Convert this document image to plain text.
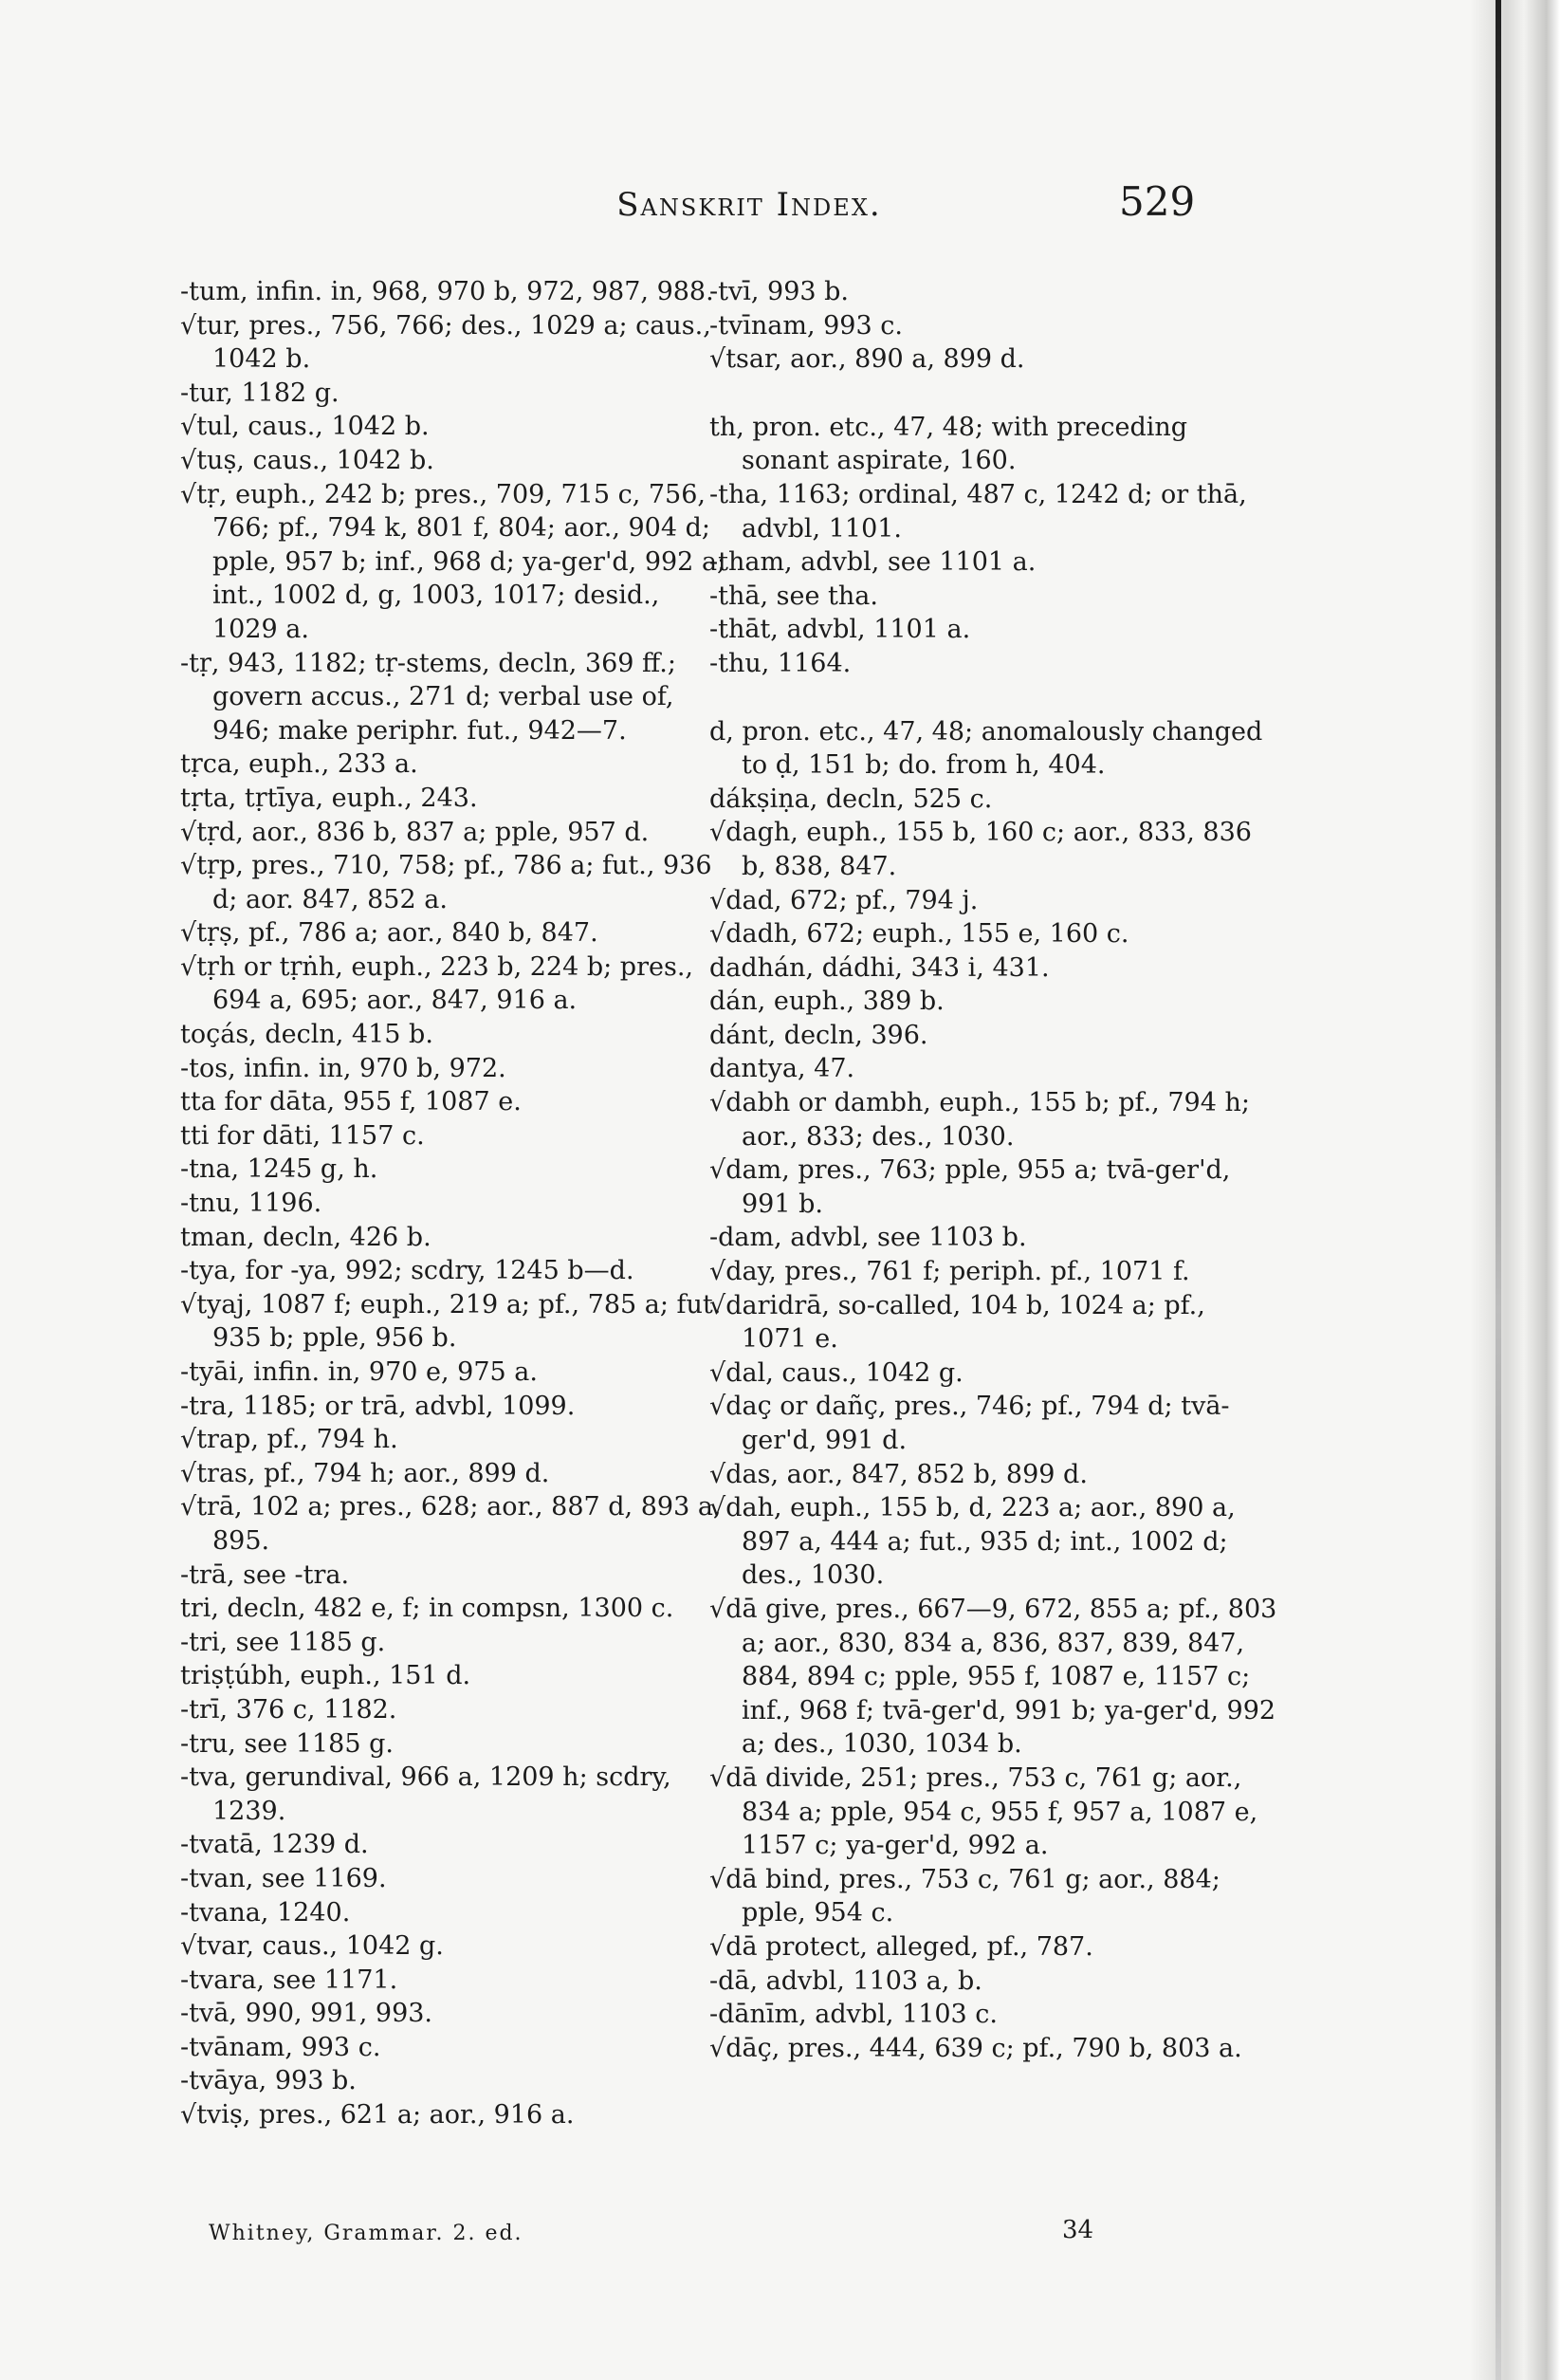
Sanskrit Index.	529
-tum, infin. in, 968, 970 b, 972, 987, 988.
√tur, pres., 756, 766; des., 1029 a; caus., 1042 b.
-tur, 1182 g.
√tul, caus., 1042 b.
√tuṣ, caus., 1042 b.
√tṛ, euph., 242 b; pres., 709, 715 c, 756, 766; pf., 794 k, 801 f, 804; aor., 904 d; pple, 957 b; inf., 968 d; ya-ger'd, 992 a; int., 1002 d, g, 1003, 1017; desid., 1029 a.
-tṛ, 943, 1182; tṛ-stems, decln, 369 ff.; govern accus., 271 d; verbal use of, 946; make periphr. fut., 942—7.
tṛca, euph., 233 a.
tṛta, tṛtīya, euph., 243.
√tṛd, aor., 836 b, 837 a; pple, 957 d.
√tṛp, pres., 710, 758; pf., 786 a; fut., 936 d; aor. 847, 852 a.
√tṛṣ, pf., 786 a; aor., 840 b, 847.
√tṛh or tṛṅh, euph., 223 b, 224 b; pres., 694 a, 695; aor., 847, 916 a.
toçás, decln, 415 b.
-tos, infin. in, 970 b, 972.
tta for dāta, 955 f, 1087 e.
tti for dāti, 1157 c.
-tna, 1245 g, h.
-tnu, 1196.
tman, decln, 426 b.
-tya, for -ya, 992; scdry, 1245 b—d.
√tyaj, 1087 f; euph., 219 a; pf., 785 a; fut. 935 b; pple, 956 b.
-tyāi, infin. in, 970 e, 975 a.
-tra, 1185; or trā, advbl, 1099.
√trap, pf., 794 h.
√tras, pf., 794 h; aor., 899 d.
√trā, 102 a; pres., 628; aor., 887 d, 893 a, 895.
-trā, see -tra.
tri, decln, 482 e, f; in compsn, 1300 c.
-tri, see 1185 g.
triṣṭúbh, euph., 151 d.
-trī, 376 c, 1182.
-tru, see 1185 g.
-tva, gerundival, 966 a, 1209 h; scdry, 1239.
-tvatā, 1239 d.
-tvan, see 1169.
-tvana, 1240.
√tvar, caus., 1042 g.
-tvara, see 1171.
-tvā, 990, 991, 993.
-tvānam, 993 c.
-tvāya, 993 b.
√tviṣ, pres., 621 a; aor., 916 a.
-tvī, 993 b.
-tvīnam, 993 c.
√tsar, aor., 890 a, 899 d.
th, pron. etc., 47, 48; with preceding sonant aspirate, 160.
-tha, 1163; ordinal, 487 c, 1242 d; or thā, advbl, 1101.
-tham, advbl, see 1101 a.
-thā, see tha.
-thāt, advbl, 1101 a.
-thu, 1164.
d, pron. etc., 47, 48; anomalously changed to ḍ, 151 b; do. from h, 404.
dákṣiṇa, decln, 525 c.
√dagh, euph., 155 b, 160 c; aor., 833, 836 b, 838, 847.
√dad, 672; pf., 794 j.
√dadh, 672; euph., 155 e, 160 c.
dadhán, dádhi, 343 i, 431.
dán, euph., 389 b.
dánt, decln, 396.
dantya, 47.
√dabh or dambh, euph., 155 b; pf., 794 h; aor., 833; des., 1030.
√dam, pres., 763; pple, 955 a; tvā-ger'd, 991 b.
-dam, advbl, see 1103 b.
√day, pres., 761 f; periph. pf., 1071 f.
√daridrā, so-called, 104 b, 1024 a; pf., 1071 e.
√dal, caus., 1042 g.
√daç or dañç, pres., 746; pf., 794 d; tvā-ger'd, 991 d.
√das, aor., 847, 852 b, 899 d.
√dah, euph., 155 b, d, 223 a; aor., 890 a, 897 a, 444 a; fut., 935 d; int., 1002 d; des., 1030.
√dā give, pres., 667—9, 672, 855 a; pf., 803 a; aor., 830, 834 a, 836, 837, 839, 847, 884, 894 c; pple, 955 f, 1087 e, 1157 c; inf., 968 f; tvā-ger'd, 991 b; ya-ger'd, 992 a; des., 1030, 1034 b.
√dā divide, 251; pres., 753 c, 761 g; aor., 834 a; pple, 954 c, 955 f, 957 a, 1087 e, 1157 c; ya-ger'd, 992 a.
√dā bind, pres., 753 c, 761 g; aor., 884; pple, 954 c.
√dā protect, alleged, pf., 787.
-dā, advbl, 1103 a, b.
-dānīm, advbl, 1103 c.
√dāç, pres., 444, 639 c; pf., 790 b, 803 a.
Whitney, Grammar. 2. ed.	34
